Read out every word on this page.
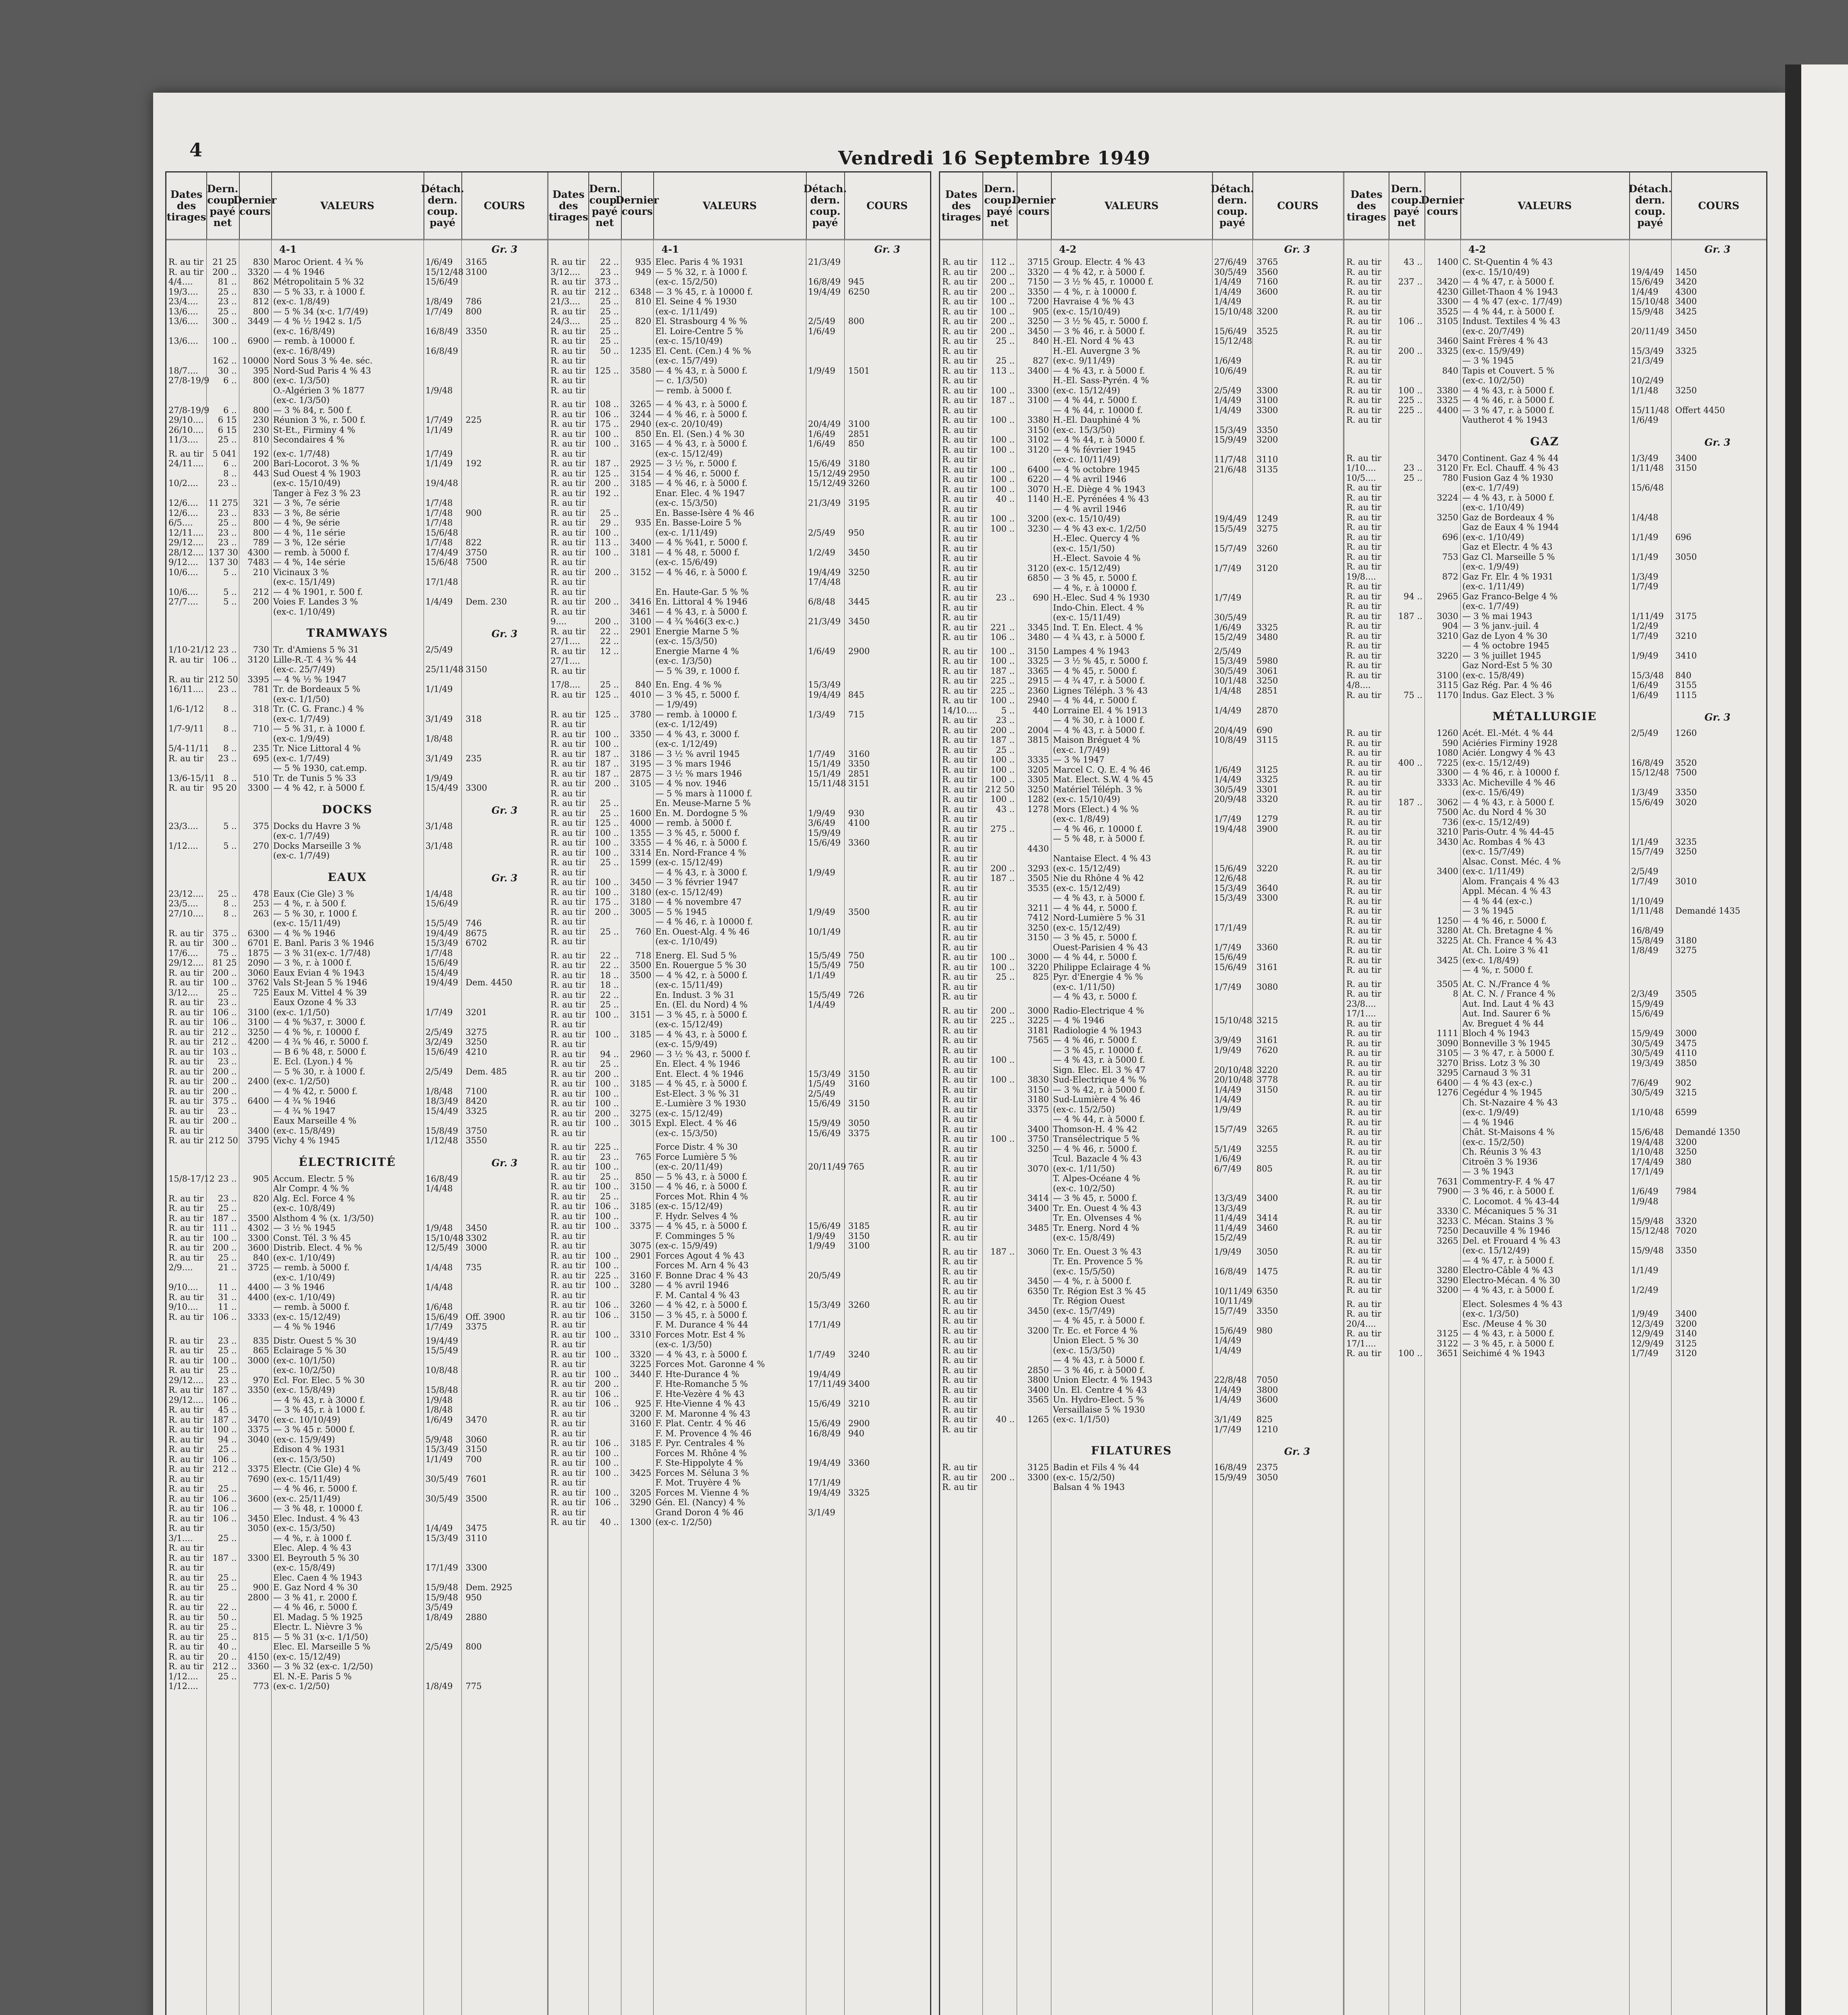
4	Vendredi 16 Septembre 1949
Dates
des
tirages
Dern.
coup.
payé
net
Dernier
cours	VALEURS
Détach.
dern.
coup.
payé
COURS
4-1	Gr. 3
R. au tir	21 25	830 Maroc Orient. 4 ¾ %	1/6/49	3165
R. au tir	200 ..	3320 — 4 % 1946	15/12/48 3100
4/4....	81 ..	862 Métropolitain 5 % 32	15/6/49
19/3....	25 ..	830 — 5 % 33, r. à 1000 f.
23/4....	23 ..	812 (ex-c. 1/8/49)	1/8/49	786
13/6....	25 ..	800 — 5 % 34 (x-c. 1/7/49)	1/7/49	800
13/6....	300 ..	3449 — 4 % ½ 1942 s. 1/5
(ex-c. 16/8/49)	16/8/49 3350
13/6....	100 ..	6900 — remb. à 10000 f.
(ex-c. 16/8/49)	16/8/49
162 .. 10000 Nord Sous 3 % 4e. séc.
18/7....	30 ..	395 Nord-Sud Paris 4 % 43
27/8-19/9	6 ..	800 (ex-c. 1/3/50)
O.-Algérien 3 % 1877	1/9/48
(ex-c. 1/3/50)
27/8-19/9	6 ..	800 — 3 % 84, r. 500 f.
29/10....	6 15	230 Réunion 3 %, r. 500 f.	1/7/49	225
26/10....	6 15	230 St-Et., Firminy 4 %	1/1/49
11/3....	25 ..	810 Secondaires 4 %
R. au tir	5 041	192 (ex-c. 1/7/48)	1/7/49
24/11....	6 ..	200 Bari-Locorot. 3 % %	1/1/49	192
8 ..	443 Sud Ouest 4 % 1903
10/2....	23 ..	(ex-c. 15/10/49)	19/4/48
Tanger à Fez 3 % 23
12/6....	11 275	321 — 3 %, 7e série	1/7/48
12/6....	23 ..	833 — 3 %, 8e série	1/7/48	900
6/5....	25 ..	800 — 4 %, 9e série	1/7/48
12/11....	23 ..	800 — 4 %, 11e série	15/6/48
29/12....	23 ..	789 — 3 %, 12e série	1/7/48	822
28/12.... 137 30	4300 — remb. à 5000 f.	17/4/49 3750
9/12....	137 30	7483 — 4 %, 14e série	15/6/48 7500
10/6....	5 ..	210 Vicinaux 3 %
(ex-c. 15/1/49)	17/1/48
10/6....	5 ..	212 — 4 % 1901, r. 500 f.
27/7....	5 ..	200 Voies F. Landes 3 %	1/4/49	Dem. 230
(ex-c. 1/10/49)
TRAMWAYS	Gr. 3
1/10-21/12 23 ..	730 Tr. d'Amiens 5 % 31	2/5/49
R. au tir	106 ..	3120 Lille-R.-T. 4 ¾ % 44
(ex-c. 25/7/49)	25/11/48 3150
R. au tir 212 50	3395 — 4 % ½ % 1947
16/11....	23 ..	781 Tr. de Bordeaux 5 %	1/1/49
(ex-c. 1/1/50)
1/6-1/12	8 ..	318 Tr. (C. G. Franc.) 4 %
(ex-c. 1/7/49)	3/1/49	318
1/7-9/11	8 ..	710 — 5 % 31, r. à 1000 f.
(ex-c. 1/9/49)	1/8/48
5/4-11/11	8 ..	235 Tr. Nice Littoral 4 %
R. au tir	23 ..	695 (ex-c. 1/7/49)	3/1/49	235
— 5 % 1930, cat.emp.
13/6-15/11	8 ..	510 Tr. de Tunis 5 % 33	1/9/49
R. au tir	95 20	3300 — 4 % 42, r. à 5000 f.	15/4/49 3300
DOCKS	Gr. 3
23/3....	5 ..	375 Docks du Havre 3 %	3/1/48
(ex-c. 1/7/49)
1/12....	5 ..	270 Docks Marseille 3 %	3/1/48
(ex-c. 1/7/49)
EAUX	Gr. 3
23/12....	25 ..	478 Eaux (Cie Gle) 3 %	1/4/48
23/5....	8 ..	253 — 4 %, r. à 500 f.	15/6/49
27/10....	8 ..	263 — 5 % 30, r. 1000 f.
(ex-c. 15/11/49)	15/5/49 746
R. au tir	375 ..	6300 — 4 % % 1946	19/4/49 8675
R. au tir	300 ..	6701 E. Banl. Paris 3 % 1946	15/3/49 6702
17/6....	75 ..	1875 — 3 % 31(ex-c. 1/7/48)	1/7/48
29/12....	81 25	2090 — 3 %, r. à 1000 f.	15/6/49
R. au tir	200 ..	3060 Eaux Evian 4 % 1943	15/4/49
R. au tir	100 ..	3762 Vals St-Jean 5 % 1946	19/4/49 Dem. 4450
3/12....	25 ..	725 Eaux M. Vittel 4 % 39
R. au tir	23 ..	Eaux Ozone 4 % 33
R. au tir	106 ..	3100 (ex-c. 1/1/50)	1/7/49	3201
R. au tir	106 ..	3100 — 4 % %37, r. 3000 f.
R. au tir	212 ..	3250 — 4 % %, r. 10000 f.	2/5/49	3275
R. au tir	212 ..	4200 — 4 ¾ % 46, r. 5000 f.	3/2/49	3250
R. au tir	103 ..	— B 6 % 48, r. 5000 f.	15/6/49 4210
R. au tir	23 ..	E. Ecl. (Lyon.) 4 %
R. au tir	200 ..	— 5 % 30, r. à 1000 f.	2/5/49	Dem. 485
R. au tir	200 ..	2400 (ex-c. 1/2/50)
R. au tir	200 ..	— 4 % 42, r. 5000 f.	1/8/48	7100
R. au tir	375 ..	6400 — 4 ¾ % 1946	18/3/49 8420
R. au tir	23 ..	— 4 ¾ % 1947	15/4/49 3325
R. au tir	200 ..	Eaux Marseille 4 %
R. au tir	3400 (ex-c. 15/8/49)	15/8/49 3750
R. au tir 212 50	3795 Vichy 4 % 1945	1/12/48 3550
ÉLECTRICITÉ	Gr. 3
15/8-17/12 23 ..	905 Accum. Electr. 5 %	16/8/49
Alr Compr. 4 % %	1/4/48
R. au tir	23 ..	820 Alg. Ecl. Force 4 %
R. au tir	25 ..	(ex-c. 10/8/49)
R. au tir	187 ..	3500 Alsthom 4 % (x. 1/3/50)
R. au tir	111 ..	4302 — 3 ½ % 1945	1/9/48	3450
R. au tir	100 ..	3300 Const. Tél. 3 % 45	15/10/48 3302
R. au tir	200 ..	3600 Distrib. Elect. 4 % %	12/5/49 3000
R. au tir	25 ..	840 (ex-c. 1/10/49)
2/9....	21 ..	3725 — remb. à 5000 f.	1/4/48	735
(ex-c. 1/10/49)
9/10....	11 ..	4400 — 3 % 1946	1/4/48
R. au tir	31 ..	4400 (ex-c. 1/10/49)
9/10....	11 ..	— remb. à 5000 f.	1/6/48
R. au tir	106 ..	3333 (ex-c. 15/12/49)	15/6/49 Off. 3900
— 4 % % 1946	1/7/49	3375
R. au tir	23 ..	835 Distr. Ouest 5 % 30	19/4/49
R. au tir	25 ..	865 Eclairage 5 % 30	15/5/49
R. au tir	100 ..	3000 (ex-c. 10/1/50)
R. au tir	25 ..	(ex-c. 10/2/50)	10/8/48
29/12....	23 ..	970 Ecl. For. Elec. 5 % 30
R. au tir	187 ..	3350 (ex-c. 15/8/49)	15/8/48
29/12....	106 ..	— 4 % 43, r. à 3000 f.	1/9/48
R. au tir	45 ..	— 3 % 45, r. à 1000 f.	1/8/48
R. au tir	187 ..	3470 (ex-c. 10/10/49)	1/6/49	3470
R. au tir	100 ..	3375 — 3 % 45 r. 5000 f.
R. au tir	94 ..	3040 (ex-c. 15/9/49)	5/9/48	3060
R. au tir	25 ..	Edison 4 % 1931	15/3/49 3150
R. au tir	106 ..	(ex-c. 15/3/50)	1/1/49	700
R. au tir	212 ..	3375 Electr. (Cie Gle) 4 %
R. au tir	7690 (ex-c. 15/11/49)	30/5/49 7601
R. au tir	25 ..	— 4 % 46, r. 5000 f.
R. au tir	106 ..	3600 (ex-c. 25/11/49)	30/5/49 3500
R. au tir	106 ..	— 3 % 48, r. 10000 f.
R. au tir	106 ..	3450 Elec. Indust. 4 % 43
R. au tir	3050 (ex-c. 15/3/50)	1/4/49	3475
3/1....	25 ..	— 4 %, r. à 1000 f.	15/3/49 3110
R. au tir	Elec. Alep. 4 % 43
R. au tir	187 ..	3300 El. Beyrouth 5 % 30
R. au tir	(ex-c. 15/8/49)	17/1/49 3300
R. au tir	25 ..	Elec. Caen 4 % 1943
R. au tir	25 ..	900 E. Gaz Nord 4 % 30	15/9/48 Dem. 2925
R. au tir	2800 — 3 % 41, r. 2000 f.	15/9/48 950
R. au tir	22 ..	— 4 % 46, r. 5000 f.	3/5/49
R. au tir	50 ..	El. Madag. 5 % 1925	1/8/49	2880
R. au tir	25 ..	Electr. L. Nièvre 3 %
R. au tir	25 ..	815 — 5 % 31 (x-c. 1/1/50)
R. au tir	40 ..	Elec. El. Marseille 5 %	2/5/49	800
R. au tir	20 ..	4150 (ex-c. 15/12/49)
R. au tir	212 ..	3360 — 3 % 32 (ex-c. 1/2/50)
1/12....	25 ..	El. N.-E. Paris 5 %
1/12....	773 (ex-c. 1/2/50)	1/8/49	775
Dates
des
tirages
Dern.
coup.
payé
net
Dernier
cours	VALEURS
Détach.
dern.
coup.
payé
COURS
4-1	Gr. 3
R. au tir	22 ..	935 Elec. Paris 4 % 1931	21/3/49
3/12....	23 ..	949 — 5 % 32, r. à 1000 f.
R. au tir	373 ..	(ex-c. 15/2/50)	16/8/49 945
R. au tir	212 ..	6348 — 3 % 45, r. à 10000 f.	19/4/49 6250
21/3....	25 ..	810 El. Seine 4 % 1930
R. au tir	25 ..	(ex-c. 1/11/49)
24/3....	25 ..	820 El. Strasbourg 4 % %	2/5/49	800
R. au tir	25 ..	El. Loire-Centre 5 %	1/6/49
R. au tir	25 ..	(ex-c. 15/10/49)
R. au tir	50 ..	1235 El. Cent. (Cen.) 4 % %
R. au tir	(ex-c. 15/7/49)
R. au tir	125 ..	3580 — 4 % 43, r. à 5000 f.	1/9/49	1501
R. au tir	— c. 1/3/50)
R. au tir	— remb. à 5000 f.
R. au tir	108 ..	3265 — 4 % 43, r. à 5000 f.
R. au tir	106 ..	3244 — 4 % 46, r. à 5000 f.
R. au tir	175 ..	2940 (ex-c. 20/10/49)	20/4/49 3100
R. au tir	100 ..	850 En. El. (Sen.) 4 % 30	1/6/49	2851
R. au tir	100 ..	3165 — 4 % 43, r. à 5000 f.	1/6/49	850
R. au tir	(ex-c. 15/12/49)
R. au tir	187 ..	2925 — 3 ½ %, r. 5000 f.	15/6/49 3180
R. au tir	125 ..	3154 — 4 % 46, r. 5000 f.	15/12/49 2950
R. au tir	200 ..	3185 — 4 % 46, r. à 5000 f.	15/12/49 3260
R. au tir	192 ..	Enar. Elec. 4 % 1947
R. au tir	(ex-c. 15/3/50)	21/3/49 3195
R. au tir	25 ..	En. Basse-Isère 4 % 46
R. au tir	29 ..	935 En. Basse-Loire 5 %
R. au tir	100 ..	(ex-c. 1/11/49)	2/5/49	950
R. au tir	113 ..	3400 — 4 % %41, r. 5000 f.
R. au tir	100 ..	3181 — 4 % 48, r. 5000 f.	1/2/49	3450
R. au tir	(ex-c. 15/6/49)
R. au tir	200 ..	3152 — 4 % 46, r. à 5000 f.	19/4/49 3250
R. au tir	17/4/48
R. au tir	En. Haute-Gar. 5 % %
R. au tir	200 ..	3416 En. Littoral 4 % 1946	6/8/48	3445
R. au tir	3461 — 4 % 43, r. à 5000 f.
9....	200 ..	3100 — 4 ¾ %46(3 ex-c.)	21/3/49 3450
R. au tir	22 ..	2901 Energie Marne 5 %
27/1....	22 ..	(ex-c. 15/3/50)
R. au tir	12 ..	Energie Marne 4 %	1/6/49	2900
27/1....	(ex-c. 1/3/50)
R. au tir	— 5 % 39, r. 1000 f.
17/8....	25 ..	840 En. Eng. 4 % %	15/3/49
R. au tir	125 ..	4010 — 3 % 45, r. 5000 f.	19/4/49 845
— 1/9/49)
R. au tir	125 ..	3780 — remb. à 10000 f.	1/3/49	715
R. au tir	(ex-c. 1/12/49)
R. au tir	100 ..	3350 — 4 % 43, r. 3000 f.
R. au tir	100 ..	(ex-c. 1/12/49)
R. au tir	187 ..	3186 — 3 ½ % avril 1945	1/7/49	3160
R. au tir	187 ..	3195 — 3 % mars 1946	15/1/49 3350
R. au tir	187 ..	2875 — 3 ½ % mars 1946	15/1/49 2851
R. au tir	200 ..	3105 — 4 % nov. 1946	15/11/48 3151
R. au tir	— 5 % mars à 11000 f.
R. au tir	25 ..	En. Meuse-Marne 5 %
R. au tir	25 ..	1600 En. M. Dordogne 5 %	1/9/49	930
R. au tir	125 ..	4000 — remb. à 5000 f.	3/6/49	4100
R. au tir	100 ..	1355 — 3 % 45, r. 5000 f.	15/9/49
R. au tir	100 ..	3355 — 4 % 46, r. à 5000 f.	15/6/49 3360
R. au tir	100 ..	3314 En. Nord-France 4 %
R. au tir	25 ..	1599 (ex-c. 15/12/49)
R. au tir	— 4 % 43, r. à 3000 f.	1/9/49
R. au tir	100 ..	3450 — 3 % février 1947
R. au tir	100 ..	3180 (ex-c. 15/12/49)
R. au tir	175 ..	3180 — 4 % novembre 47
R. au tir	200 ..	3005 — 5 % 1945	1/9/49	3500
R. au tir	— 4 % 46, r. à 10000 f.
R. au tir	25 ..	760 En. Ouest-Alg. 4 % 46	10/1/49
R. au tir	(ex-c. 1/10/49)
R. au tir	22 ..	718 Energ. El. Sud 5 %	15/5/49 750
R. au tir	22 ..	3500 En. Rouergue 5 % 30	15/5/49 750
R. au tir	18 ..	3500 — 4 % 42, r. à 5000 f.	1/1/49
R. au tir	18 ..	(ex-c. 15/11/49)
R. au tir	22 ..	En. Indust. 3 % 31	15/5/49 726
R. au tir	25 ..	En. (El. du Nord) 4 %	1/4/49
R. au tir	100 ..	3151 — 3 % 45, r. à 5000 f.
R. au tir	(ex-c. 15/12/49)
R. au tir	100 ..	3185 — 4 % 43, r. à 5000 f.
R. au tir	(ex-c. 15/9/49)
R. au tir	94 ..	2960 — 3 ½ % 43, r. 5000 f.
R. au tir	25 ..	En. Elect. 4 % 1946
R. au tir	200 ..	Ent. Elect. 4 % 1946	15/3/49 3150
R. au tir	100 ..	3185 — 4 % 45, r. à 5000 f.	1/5/49	3160
R. au tir	100 ..	Est-Elect. 3 % % 31	2/5/49
R. au tir	100 ..	E.-Lumière 3 % 1930	15/6/49 3150
R. au tir	200 ..	3275 (ex-c. 15/12/49)
R. au tir	100 ..	3015 Expl. Elect. 4 % 46	15/9/49 3050
R. au tir	(ex-c. 15/3/50)	15/6/49 3375
R. au tir	225 ..	Force Distr. 4 % 30
R. au tir	23 ..	765 Force Lumière 5 %
R. au tir	100 ..	(ex-c. 20/11/49)	20/11/49 765
R. au tir	25 ..	850 — 5 % 43, r. à 5000 f.
R. au tir	100 ..	3150 — 4 % 46, r. à 5000 f.
R. au tir	25 ..	Forces Mot. Rhin 4 %
R. au tir	106 ..	3185 (ex-c. 15/12/49)
R. au tir	100 ..	F. Hydr. Selves 4 %
R. au tir	100 ..	3375 — 4 % 45, r. à 5000 f.	15/6/49 3185
R. au tir	F. Comminges 5 %	1/9/49	3150
R. au tir	3075 (ex-c. 15/9/49)	1/9/49	3100
R. au tir	100 ..	2901 Forces Agout 4 % 43
R. au tir	100 ..	Forces M. Arn 4 % 43
R. au tir	225 ..	3160 F. Bonne Drac 4 % 43	20/5/49
R. au tir	100 ..	3280 — 4 % avril 1946
R. au tir	F. M. Cantal 4 % 43
R. au tir	106 ..	3260 — 4 % 42, r. à 5000 f.	15/3/49 3260
R. au tir	106 ..	3150 — 3 % 45, r. à 5000 f.
R. au tir	F. M. Durance 4 % 44	17/1/49
R. au tir	100 ..	3310 Forces Motr. Est 4 %
R. au tir	(ex-c. 1/3/50)
R. au tir	100 ..	3320 — 4 % 43, r. à 5000 f.	1/7/49	3240
R. au tir	3225 Forces Mot. Garonne 4 %
R. au tir	100 ..	3440 F. Hte-Durance 4 %	19/4/49
R. au tir	200 ..	F. Hte-Romanche 5 %	17/11/49 3400
R. au tir	106 ..	F. Hte-Vezère 4 % 43
R. au tir	106 ..	925 F. Hte-Vienne 4 % 43	15/6/49 3210
R. au tir	3200 F. M. Maronne 4 % 43
R. au tir	3160 F. Plat. Centr. 4 % 46	15/6/49 2900
R. au tir	F. M. Provence 4 % 46	16/8/49 940
R. au tir	106 ..	3185 F. Pyr. Centrales 4 %
R. au tir	100 ..	Forces M. Rhône 4 %
R. au tir	100 ..	F. Ste-Hippolyte 4 %	19/4/49 3360
R. au tir	100 ..	3425 Forces M. Séluna 3 %
R. au tir	F. Mot. Truyère 4 %	17/1/49
R. au tir	100 ..	3205 Forces M. Vienne 4 %	19/4/49 3325
R. au tir	106 ..	3290 Gén. El. (Nancy) 4 %
R. au tir	Grand Doron 4 % 46	3/1/49
R. au tir	40 ..	1300 (ex-c. 1/2/50)
Dates
des
tirages
Dern.
coup.
payé
net
Dernier
cours	VALEURS
Détach.
dern.
coup.
payé
COURS
4-2	Gr. 3
R. au tir	112 ..	3715 Group. Electr. 4 % 43	27/6/49	3765
R. au tir	200 ..	3320 — 4 % 42, r. à 5000 f.	30/5/49	3560
R. au tir	200 ..	7150 — 3 ½ % 45, r. 10000 f.	1/4/49	7160
R. au tir	200 ..	3350 — 4 %, r. à 10000 f.	1/4/49	3600
R. au tir	100 ..	7200 Havraise 4 % % 43	1/4/49
R. au tir	100 ..	905 (ex-c. 15/10/49)	15/10/48 3200
R. au tir	200 ..	3250 — 3 ½ % 45, r. 5000 f.
R. au tir	200 ..	3450 — 3 % 46, r. à 5000 f.	15/6/49	3525
R. au tir	25 ..	840 H.-El. Nord 4 % 43	15/12/48
R. au tir	H.-El. Auvergne 3 %
R. au tir	25 ..	827 (ex-c. 9/11/49)	1/6/49
R. au tir	113 ..	3400 — 4 % 43, r. à 5000 f.	10/6/49
R. au tir	H.-El. Sass-Pyrén. 4 %
R. au tir	100 ..	3300 (ex-c. 15/12/49)	2/5/49	3300
R. au tir	187 ..	3100 — 4 % 44, r. 5000 f.	1/4/49	3100
R. au tir	— 4 % 44, r. 10000 f.	1/4/49	3300
R. au tir	100 ..	3380 H.-El. Dauphiné 4 %
R. au tir	3150 (ex-c. 15/3/50)	15/3/49	3350
R. au tir	100 ..	3102 — 4 % 44, r. à 5000 f.	15/9/49	3200
R. au tir	100 ..	3120 — 4 % février 1945
R. au tir	(ex-c. 10/11/49)	11/7/48	3110
R. au tir	100 ..	6400 — 4 % octobre 1945	21/6/48	3135
R. au tir	100 ..	6220 — 4 % avril 1946
R. au tir	100 ..	3070 H.-E. Diège 4 % 1943
R. au tir	40 ..	1140 H.-E. Pyrénées 4 % 43
R. au tir	— 4 % avril 1946
R. au tir	100 ..	3200 (ex-c. 15/10/49)	19/4/49	1249
R. au tir	100 ..	3230 — 4 % 43 ex-c. 1/2/50	15/5/49	3275
R. au tir	H.-Elec. Quercy 4 %
R. au tir	(ex-c. 15/1/50)	15/7/49	3260
R. au tir	H.-Elect. Savoie 4 %
R. au tir	3120 (ex-c. 15/12/49)	1/7/49	3120
R. au tir	6850 — 3 % 45, r. 5000 f.
R. au tir	— 4 %, r. à 10000 f.
R. au tir	23 ..	690 H.-Elec. Sud 4 % 1930	1/7/49
R. au tir	Indo-Chin. Elect. 4 %
R. au tir	(ex-c. 15/11/49)	30/5/49
R. au tir	221 ..	3345 Ind. T. En. Elect. 4 %	1/6/49	3325
R. au tir	106 ..	3480 — 4 ¾ 43, r. à 5000 f.	15/2/49	3480
R. au tir	100 ..	3150 Lampes 4 % 1943	2/5/49
R. au tir	100 ..	3325 — 3 ½ % 45, r. 5000 f.	15/3/49	5980
R. au tir	187 ..	3365 — 4 % 45, r. 5000 f.	30/5/49	3061
R. au tir	225 ..	2915 — 4 ¾ 47, r. à 5000 f.	10/1/48	3250
R. au tir	225 ..	2360 Lignes Téléph. 3 % 43	1/4/48	2851
R. au tir	100 ..	2940 — 4 % 44, r. 5000 f.
14/10....	5 ..	440 Lorraine El. 4 % 1913	1/4/49	2870
R. au tir	23 ..	— 4 % 30, r. à 1000 f.
R. au tir	200 ..	2004 — 4 % 43, r. à 5000 f.	20/4/49	690
R. au tir	187 ..	3815 Maison Bréguet 4 %	10/8/49	3115
R. au tir	25 ..	(ex-c. 1/7/49)
R. au tir	100 ..	3335 — 3 % 1947
R. au tir	100 ..	3205 Marcel C. Q. E. 4 % 46	1/6/49	3125
R. au tir	100 ..	3305 Mat. Elect. S.W. 4 % 45	1/4/49	3325
R. au tir 212 50	3250 Matériel Téléph. 3 %	30/5/49	3301
R. au tir	100 ..	1282 (ex-c. 15/10/49)	20/9/48	3320
R. au tir	43 ..	1278 Mors (Elect.) 4 % %
R. au tir	(ex-c. 1/8/49)	1/7/49	1279
R. au tir	275 ..	— 4 % 46, r. 10000 f.	19/4/48	3900
R. au tir	— 5 % 48, r. à 5000 f.
R. au tir	4430
R. au tir	Nantaise Elect. 4 % 43
R. au tir	200 ..	3293 (ex-c. 15/12/49)	15/6/49	3220
R. au tir	187 ..	3505 Nie du Rhône 4 % 42	12/6/48
R. au tir	3535 (ex-c. 15/12/49)	15/3/49	3640
R. au tir	— 4 % 43, r. à 5000 f.	15/3/49	3300
R. au tir	3211 — 4 % 44, r. 5000 f.
R. au tir	7412 Nord-Lumière 5 % 31
R. au tir	3250 (ex-c. 15/12/49)	17/1/49
R. au tir	3150 — 3 % 45, r. 5000 f.
R. au tir	Ouest-Parisien 4 % 43	1/7/49	3360
R. au tir	100 ..	3000 — 4 % 44, r. 5000 f.	15/6/49
R. au tir	100 ..	3220 Philippe Eclairage 4 %	15/6/49	3161
R. au tir	25 ..	825 Pyr. d'Energie 4 % %
R. au tir	(ex-c. 1/11/50)	1/7/49	3080
R. au tir	— 4 % 43, r. 5000 f.
R. au tir	200 ..	3000 Radio-Electrique 4 %
R. au tir	225 ..	3225 — 4 % 1946	15/10/48 3215
R. au tir	3181 Radiologie 4 % 1943
R. au tir	7565 — 4 % 46, r. 5000 f.	3/9/49	3161
R. au tir	— 3 % 45, r. 10000 f.	1/9/49	7620
R. au tir	100 ..	— 4 % 43, r. à 5000 f.
R. au tir	Sign. Elec. El. 3 % 47	20/10/48 3220
R. au tir	100 ..	3830 Sud-Electrique 4 % %	20/10/48 3778
R. au tir	3150 — 3 % 42, r. à 5000 f.	1/4/49	3150
R. au tir	3180 Sud-Lumière 4 % 46	1/4/49
R. au tir	3375 (ex-c. 15/2/50)	1/9/49
R. au tir	— 4 % 44, r. à 5000 f.
R. au tir	3400 Thomson-H. 4 % 42	15/7/49	3265
R. au tir	100 ..	3750 Transélectrique 5 %
R. au tir	3250 — 4 % 46, r. 5000 f.	5/1/49	3255
R. au tir	Tcul. Bazacle 4 % 43	1/6/49
R. au tir	3070 (ex-c. 1/11/50)	6/7/49	805
R. au tir	T. Alpes-Océane 4 %
R. au tir	(ex-c. 10/2/50)
R. au tir	3414 — 3 % 45, r. 5000 f.	13/3/49	3400
R. au tir	3400 Tr. En. Ouest 4 % 43	13/3/49
R. au tir	Tr. En. Olvenses 4 %	11/4/49	3414
R. au tir	3485 Tr. Energ. Nord 4 %	11/4/49	3460
R. au tir	(ex-c. 15/8/49)	15/2/49
R. au tir	187 ..	3060 Tr. En. Ouest 3 % 43	1/9/49	3050
R. au tir	Tr. En. Provence 5 %
R. au tir	(ex-c. 15/5/50)	16/8/49	1475
R. au tir	3450 — 4 %, r. à 5000 f.
R. au tir	6350 Tr. Région Est 3 % 45	10/11/49 6350
R. au tir	Tr. Région Ouest	10/11/49
R. au tir	3450 (ex-c. 15/7/49)	15/7/49	3350
R. au tir	— 4 % 45, r. à 5000 f.
R. au tir	3200 Tr. Ec. et Force 4 %	15/6/49	980
R. au tir	Union Elect. 5 % 30	1/4/49
R. au tir	(ex-c. 15/3/50)	1/4/49
R. au tir	— 4 % 43, r. à 5000 f.
R. au tir	2850 — 3 % 46, r. à 5000 f.
R. au tir	3800 Union Electr. 4 % 1943	22/8/48	7050
R. au tir	3400 Un. El. Centre 4 % 43	1/4/49	3800
R. au tir	3565 Un. Hydro-Elect. 5 %	1/4/49	3600
R. au tir	Versaillaise 5 % 1930
R. au tir	40 ..	1265 (ex-c. 1/1/50)	3/1/49	825
R. au tir	1/7/49	1210
FILATURES	Gr. 3
R. au tir	3125 Badin et Fils 4 % 44	16/8/49	2375
R. au tir	200 ..	3300 (ex-c. 15/2/50)	15/9/49	3050
R. au tir	Balsan 4 % 1943
Dates
des
tirages
Dern.
coup.
payé
net
Dernier
cours	VALEURS
Détach.
dern.
coup.
payé
COURS
4-2	Gr. 3
R. au tir	43 ..	1400 C. St-Quentin 4 % 43
R. au tir	(ex-c. 15/10/49)	19/4/49	1450
R. au tir	237 ..	3420 — 4 % 47, r. à 5000 f.	15/6/49	3420
R. au tir	4230 Gillet-Thaon 4 % 1943	1/4/49	4300
R. au tir	3300 — 4 % 47 (ex-c. 1/7/49)	15/10/48 3400
R. au tir	3525 — 4 % 44, r. à 5000 f.	15/9/48	3425
R. au tir	106 ..	3105 Indust. Textiles 4 % 43
R. au tir	(ex-c. 20/7/49)	20/11/49 3450
R. au tir	3460 Saint Frères 4 % 43
R. au tir	200 ..	3325 (ex-c. 15/9/49)	15/3/49	3325
R. au tir	— 3 % 1945	21/3/49
R. au tir	840 Tapis et Couvert. 5 %
R. au tir	(ex-c. 10/2/50)	10/2/49
R. au tir	100 ..	3380 — 4 % 43, r. à 5000 f.	1/1/48	3250
R. au tir	225 ..	3325 — 4 % 46, r. à 5000 f.
R. au tir	225 ..	4400 — 3 % 47, r. à 5000 f.	15/11/48 Offert 4450
R. au tir	Vautherot 4 % 1943	1/6/49
GAZ	Gr. 3
R. au tir	3470 Continent. Gaz 4 % 44	1/3/49	3400
1/10....	23 ..	3120 Fr. Ecl. Chauff. 4 % 43	1/11/48	3150
10/5....	25 ..	780 Fusion Gaz 4 % 1930
R. au tir	(ex-c. 1/7/49)	15/6/48
R. au tir	3224 — 4 % 43, r. à 5000 f.
R. au tir	(ex-c. 1/10/49)
R. au tir	3250 Gaz de Bordeaux 4 %	1/4/48
R. au tir	Gaz de Eaux 4 % 1944
R. au tir	696 (ex-c. 1/10/49)	1/1/49	696
R. au tir	Gaz et Electr. 4 % 43
R. au tir	753 Gaz Cl. Marseille 5 %	1/1/49	3050
R. au tir	(ex-c. 1/9/49)
19/8....	872 Gaz Fr. Elr. 4 % 1931	1/3/49
R. au tir	(ex-c. 1/11/49)	1/7/49
R. au tir	94 ..	2965 Gaz Franco-Belge 4 %
R. au tir	(ex-c. 1/7/49)
R. au tir	187 ..	3030 — 3 % mai 1943	1/11/49	3175
R. au tir	904 — 3 % janv.-juil. 4	1/2/49
R. au tir	3210 Gaz de Lyon 4 % 30	1/7/49	3210
R. au tir	— 4 % octobre 1945
R. au tir	3220 — 3 % juillet 1945	1/9/49	3410
R. au tir	Gaz Nord-Est 5 % 30
R. au tir	3100 (ex-c. 15/8/49)	15/3/48	840
4/8....	3115 Gaz Rég. Par. 4 % 46	1/6/49	3155
R. au tir	75 ..	1170 Indus. Gaz Elect. 3 %	1/6/49	1115
MÉTALLURGIE	Gr. 3
R. au tir	1260 Acét. El.-Mét. 4 % 44	2/5/49	1260
R. au tir	590 Aciéries Firminy 1928
R. au tir	1080 Aciér. Longwy 4 % 43
R. au tir	400 ..	7225 (ex-c. 15/12/49)	16/8/49	3520
R. au tir	3300 — 4 % 46, r. à 10000 f.	15/12/48 7500
R. au tir	3333 Ac. Micheville 4 % 46
R. au tir	(ex-c. 15/6/49)	1/3/49	3350
R. au tir	187 ..	3062 — 4 % 43, r. à 5000 f.	15/6/49	3020
R. au tir	7500 Ac. du Nord 4 % 30
R. au tir	736 (ex-c. 15/12/49)
R. au tir	3210 Paris-Outr. 4 % 44-45
R. au tir	3430 Ac. Rombas 4 % 43	1/1/49	3235
R. au tir	(ex-c. 15/7/49)	15/7/49	3250
R. au tir	Alsac. Const. Méc. 4 %
R. au tir	3400 (ex-c. 1/11/49)	2/5/49
R. au tir	Alom. Français 4 % 43	1/7/49	3010
R. au tir	Appl. Mécan. 4 % 43
R. au tir	— 4 % 44 (ex-c.)	1/10/49
R. au tir	— 3 % 1945	1/11/48	Demandé 1435
R. au tir	1250 — 4 % 46, r. 5000 f.
R. au tir	3280 At. Ch. Bretagne 4 %	16/8/49
R. au tir	3225 At. Ch. France 4 % 43	15/8/49	3180
R. au tir	At. Ch. Loire 3 % 41	1/8/49	3275
R. au tir	3425 (ex-c. 1/8/49)
R. au tir	— 4 %, r. 5000 f.
R. au tir	3505 At. C. N./France 4 %
R. au tir	8 At. C. N. / France 4 %	2/3/49	3505
23/8....	Aut. Ind. Laut 4 % 43	15/9/49
17/1....	Aut. Ind. Saurer 6 %	15/6/49
R. au tir	Av. Breguet 4 % 44
R. au tir	1111 Bloch 4 % 1943	15/9/49	3000
R. au tir	3090 Bonneville 3 % 1945	30/5/49	3475
R. au tir	3105 — 3 % 47, r. à 5000 f.	30/5/49	4110
R. au tir	3270 Briss. Lotz 3 % 30	19/3/49	3850
R. au tir	3295 Carnaud 3 % 31
R. au tir	6400 — 4 % 43 (ex-c.)	7/6/49	902
R. au tir	1276 Cegédur 4 % 1945	30/5/49	3215
R. au tir	Ch. St-Nazaire 4 % 43
R. au tir	(ex-c. 1/9/49)	1/10/48	6599
R. au tir	— 4 % 1946
R. au tir	Chât. St-Maisons 4 %	15/6/48	Demandé 1350
R. au tir	(ex-c. 15/2/50)	19/4/48	3200
R. au tir	Ch. Réunis 3 % 43	1/10/48	3250
R. au tir	Citroën 3 % 1936	17/4/49	380
R. au tir	— 3 % 1943	17/1/49
R. au tir	7631 Commentry-F. 4 % 47
R. au tir	7900 — 3 % 46, r. à 5000 f.	1/6/49	7984
R. au tir	C. Locomot. 4 % 43-44	1/9/48
R. au tir	3330 C. Mécaniques 5 % 31
R. au tir	3233 C. Mécan. Stains 3 %	15/9/48	3320
R. au tir	7250 Decauville 4 % 1946	15/12/48 7020
R. au tir	3265 Del. et Frouard 4 % 43
R. au tir	(ex-c. 15/12/49)	15/9/48	3350
R. au tir	— 4 % 47, r. à 5000 f.
R. au tir	3280 Electro-Câble 4 % 43	1/1/49
R. au tir	3290 Electro-Mécan. 4 % 30
R. au tir	3200 — 4 % 43, r. à 5000 f.	1/2/49
R. au tir	Elect. Solesmes 4 % 43
R. au tir	(ex-c. 1/3/50)	1/9/49	3400
20/4....	Esc. /Meuse 4 % 30	12/3/49	3200
R. au tir	3125 — 4 % 43, r. à 5000 f.	12/9/49	3140
17/1....	3122 — 3 % 45, r. à 5000 f.	12/9/49	3125
R. au tir	100 ..	3651 Seichimé 4 % 1943	1/7/49	3120
